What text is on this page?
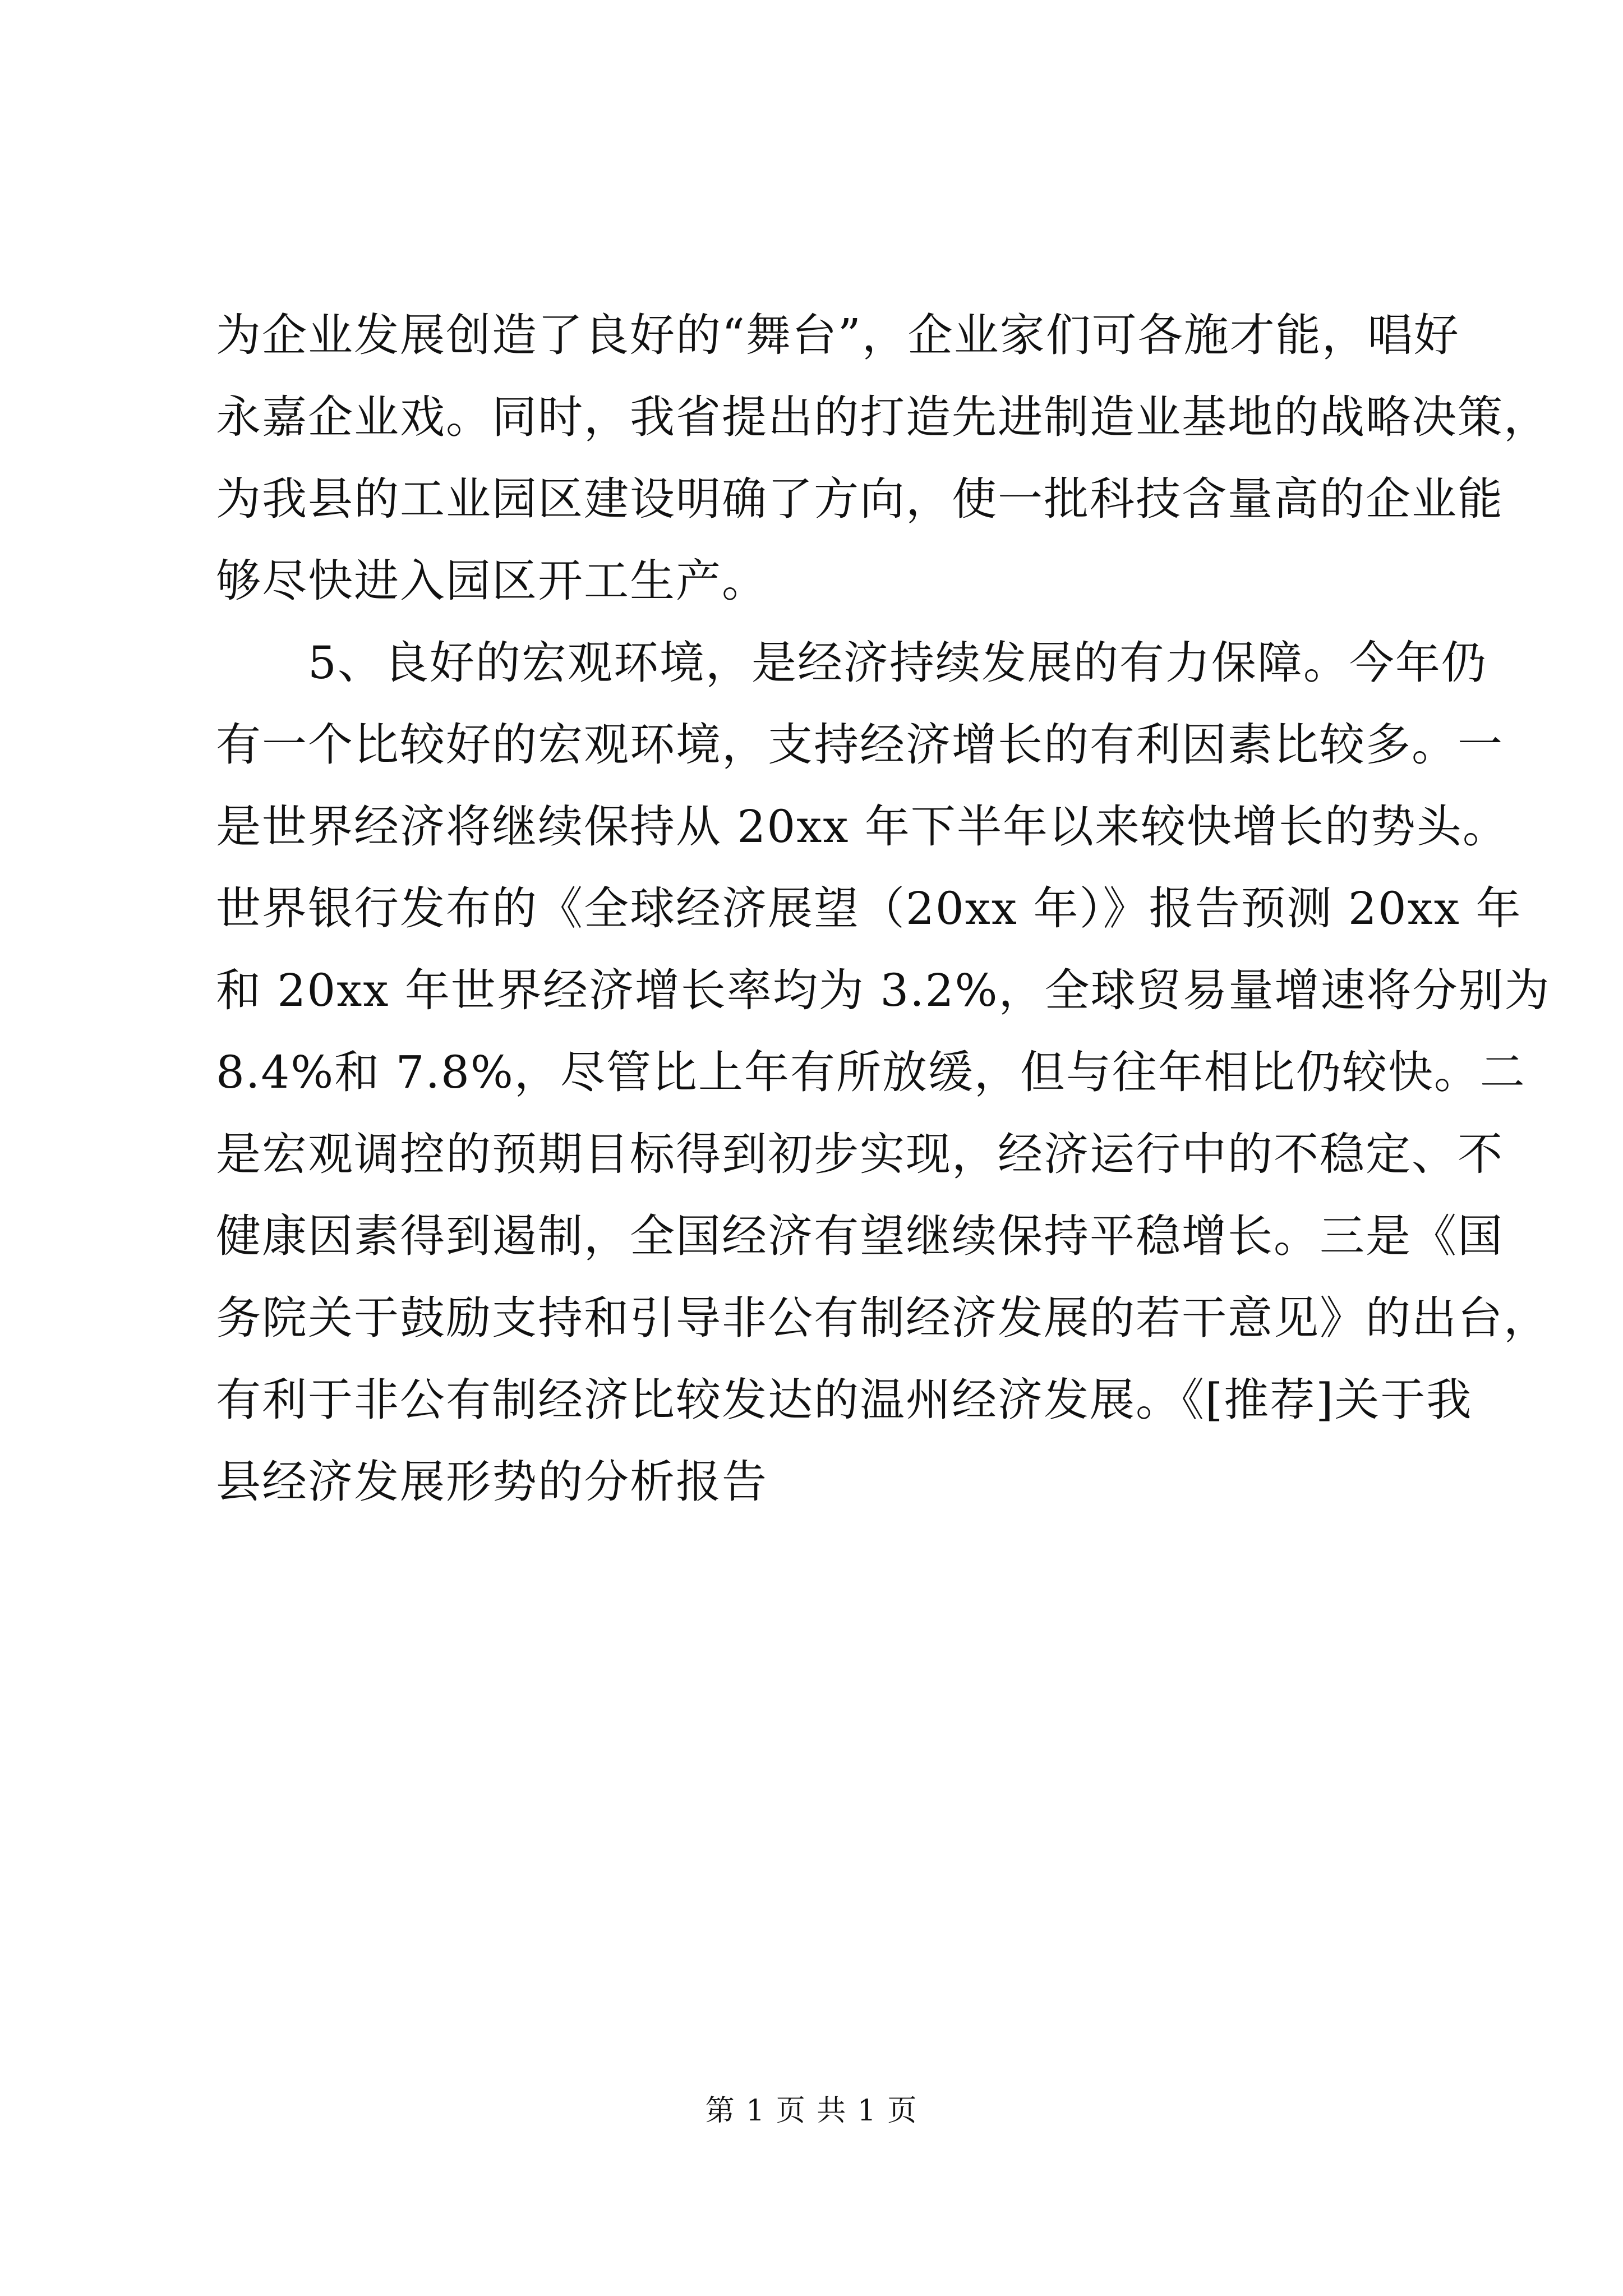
为企业发展创造了良好的“舞台”，企业家们可各施才能，唱好
永嘉企业戏。同时，我省提出的打造先进制造业基地的战略决策，
为我县的工业园区建设明确了方向，使一批科技含量高的企业能
够尽快进入园区开工生产。
　　5、良好的宏观环境，是经济持续发展的有力保障。今年仍
有一个比较好的宏观环境，支持经济增长的有利因素比较多。一
是世界经济将继续保持从 20xx 年下半年以来较快增长的势头。
世界银行发布的《全球经济展望（20xx 年）》报告预测 20xx 年
和 20xx 年世界经济增长率均为 3.2%，全球贸易量增速将分别为
8.4%和 7.8%，尽管比上年有所放缓，但与往年相比仍较快。二
是宏观调控的预期目标得到初步实现，经济运行中的不稳定、不
健康因素得到遏制，全国经济有望继续保持平稳增长。三是《国
务院关于鼓励支持和引导非公有制经济发展的若干意见》的出台，
有利于非公有制经济比较发达的温州经济发展。《[推荐]关于我
县经济发展形势的分析报告
第 1 页 共 1 页
